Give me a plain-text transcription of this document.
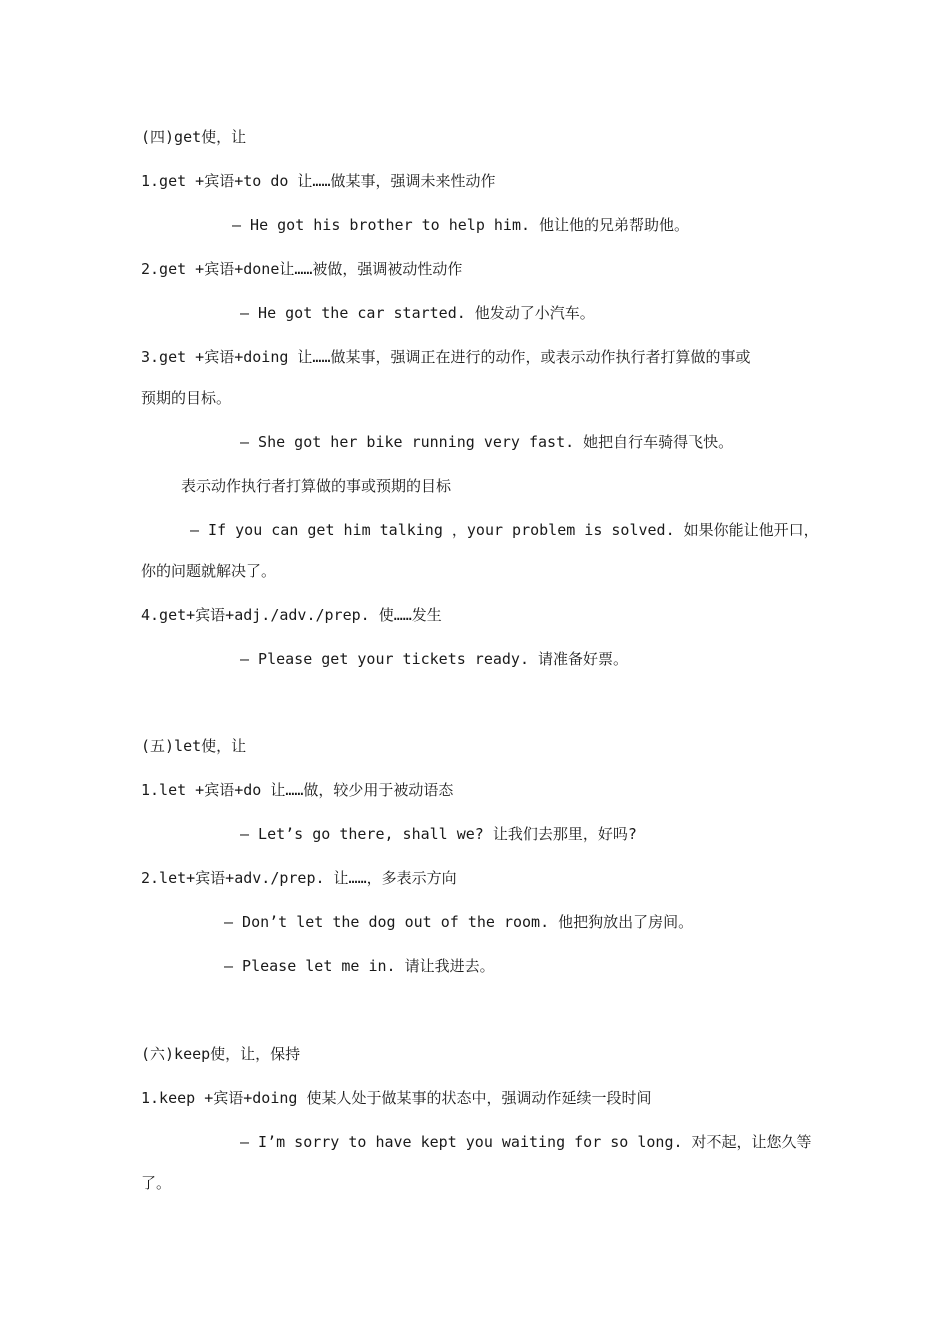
(四)get使，让
1.get +宾语+to do 让……做某事，强调未来性动作
— He got his brother to help him. 他让他的兄弟帮助他。
2.get +宾语+done让……被做，强调被动性动作
— He got the car started. 他发动了小汽车。
3.get +宾语+doing 让……做某事，强调正在进行的动作，或表示动作执行者打算做的事或
预期的目标。
— She got her bike running very fast. 她把自行车骑得飞快。
表示动作执行者打算做的事或预期的目标
— If you can get him talking ，your problem is solved. 如果你能让他开口，
你的问题就解决了。
4.get+宾语+adj./adv./prep. 使……发生
— Please get your tickets ready. 请准备好票。
(五)let使，让
1.let +宾语+do 让……做，较少用于被动语态
— Let’s go there, shall we? 让我们去那里，好吗?
2.let+宾语+adv./prep. 让……，多表示方向
— Don’t let the dog out of the room. 他把狗放出了房间。
— Please let me in. 请让我进去。
(六)keep使，让，保持
1.keep +宾语+doing 使某人处于做某事的状态中，强调动作延续一段时间
— I’m sorry to have kept you waiting for so long. 对不起，让您久等
了。
